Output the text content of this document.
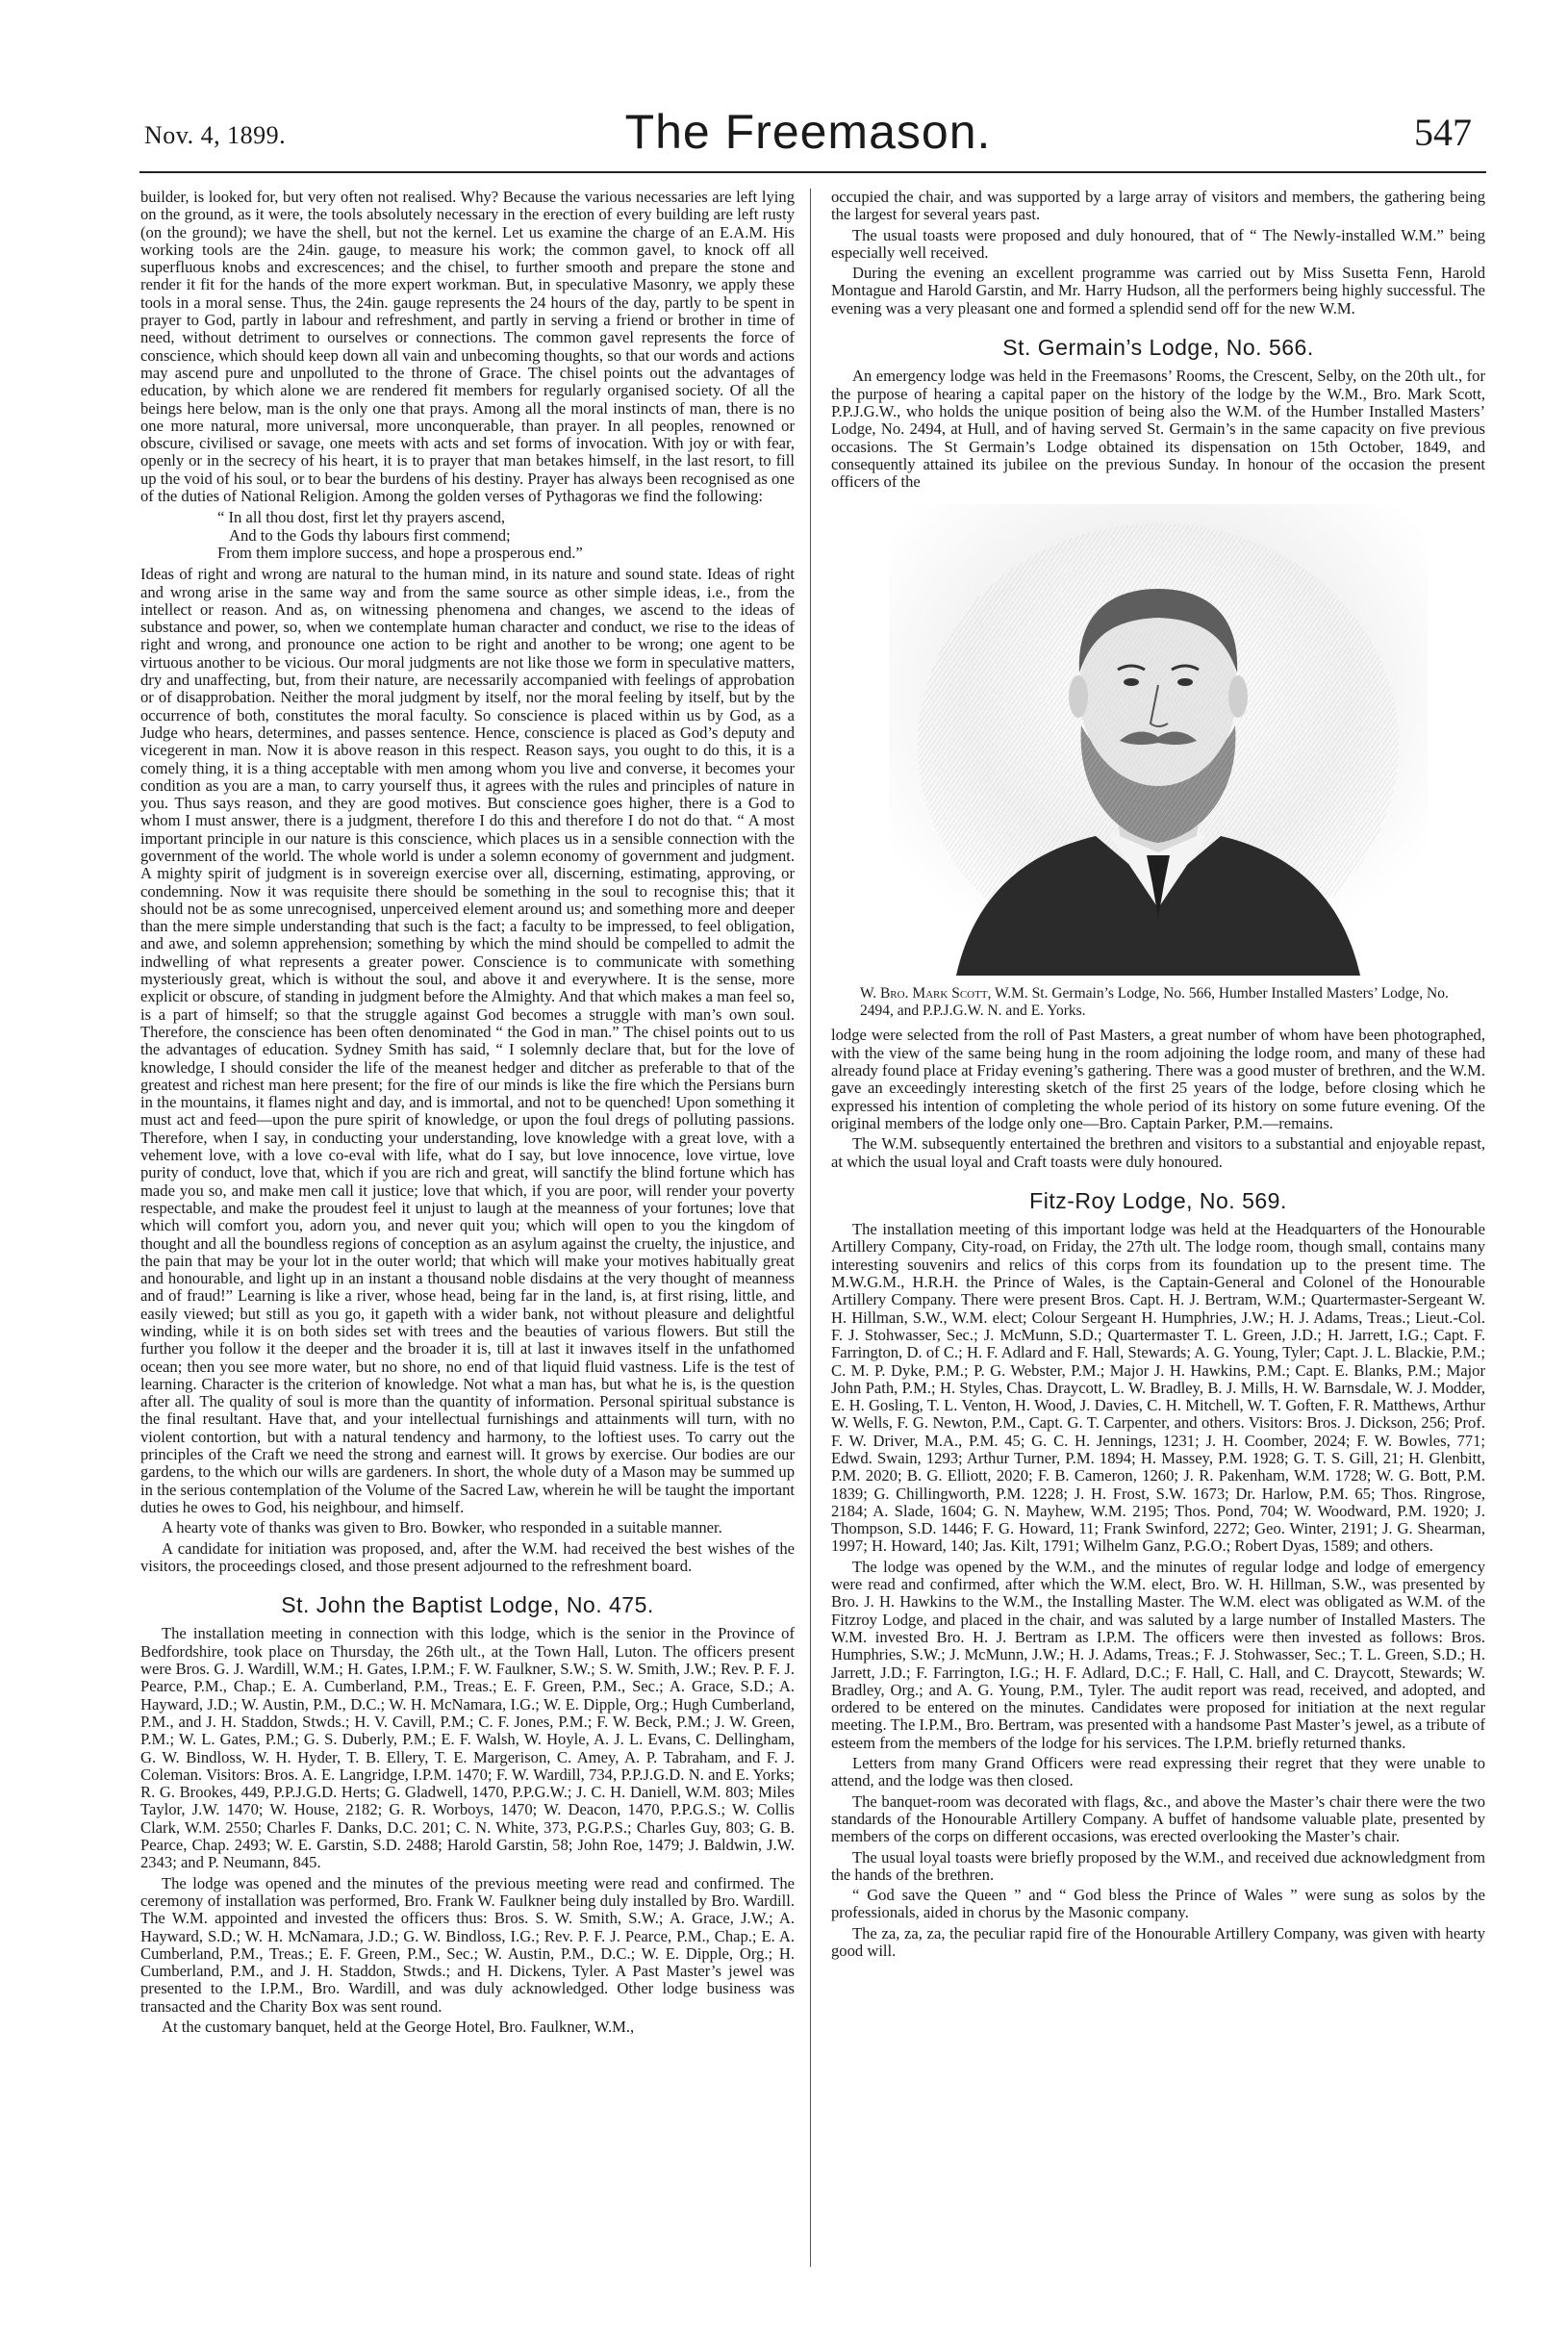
Nov. 4, 1899.	The Freemason.	547

builder, is looked for, but very often not realised. Why? Because the various necessaries are left lying on the ground, as it were, the tools absolutely necessary in the erection of every building are left rusty (on the ground); we have the shell, but not the kernel. Let us examine the charge of an E.A.M. His working tools are the 24in. gauge, to measure his work; the common gavel, to knock off all superfluous knobs and excrescences; and the chisel, to further smooth and prepare the stone and render it fit for the hands of the more expert workman. But, in speculative Masonry, we apply these tools in a moral sense. Thus, the 24in. gauge represents the 24 hours of the day, partly to be spent in prayer to God, partly in labour and refreshment, and partly in serving a friend or brother in time of need, without detriment to ourselves or connections. The common gavel represents the force of conscience, which should keep down all vain and unbecoming thoughts, so that our words and actions may ascend pure and unpolluted to the throne of Grace. The chisel points out the advantages of education, by which alone we are rendered fit members for regularly organised society. Of all the beings here below, man is the only one that prays. Among all the moral instincts of man, there is no one more natural, more universal, more unconquerable, than prayer. In all peoples, renowned or obscure, civilised or savage, one meets with acts and set forms of invocation. With joy or with fear, openly or in the secrecy of his heart, it is to prayer that man betakes himself, in the last resort, to fill up the void of his soul, or to bear the burdens of his destiny. Prayer has always been recognised as one of the duties of National Religion. Among the golden verses of Pythagoras we find the following:

“ In all thou dost, first let thy prayers ascend,
And to the Gods thy labours first commend;
From them implore success, and hope a prosperous end.”

Ideas of right and wrong are natural to the human mind, in its nature and sound state. Ideas of right and wrong arise in the same way and from the same source as other simple ideas, i.e., from the intellect or reason. And as, on witnessing phenomena and changes, we ascend to the ideas of substance and power, so, when we contemplate human character and conduct, we rise to the ideas of right and wrong, and pronounce one action to be right and another to be wrong; one agent to be virtuous another to be vicious. Our moral judgments are not like those we form in speculative matters, dry and unaffecting, but, from their nature, are necessarily accompanied with feelings of approbation or of disapprobation. Neither the moral judgment by itself, nor the moral feeling by itself, but by the occurrence of both, constitutes the moral faculty. So conscience is placed within us by God, as a Judge who hears, determines, and passes sentence. Hence, conscience is placed as God’s deputy and vicegerent in man. Now it is above reason in this respect. Reason says, you ought to do this, it is a comely thing, it is a thing acceptable with men among whom you live and converse, it becomes your condition as you are a man, to carry yourself thus, it agrees with the rules and principles of nature in you. Thus says reason, and they are good motives. But conscience goes higher, there is a God to whom I must answer, there is a judgment, therefore I do this and therefore I do not do that. “ A most important principle in our nature is this conscience, which places us in a sensible connection with the government of the world. The whole world is under a solemn economy of government and judgment. A mighty spirit of judgment is in sovereign exercise over all, discerning, estimating, approving, or condemning. Now it was requisite there should be something in the soul to recognise this; that it should not be as some unrecognised, unperceived element around us; and something more and deeper than the mere simple understanding that such is the fact; a faculty to be impressed, to feel obligation, and awe, and solemn apprehension; something by which the mind should be compelled to admit the indwelling of what represents a greater power. Conscience is to communicate with something mysteriously great, which is without the soul, and above it and everywhere. It is the sense, more explicit or obscure, of standing in judgment before the Almighty. And that which makes a man feel so, is a part of himself; so that the struggle against God becomes a struggle with man’s own soul. Therefore, the conscience has been often denominated “ the God in man.” The chisel points out to us the advantages of education. Sydney Smith has said, “ I solemnly declare that, but for the love of knowledge, I should consider the life of the meanest hedger and ditcher as preferable to that of the greatest and richest man here present; for the fire of our minds is like the fire which the Persians burn in the mountains, it flames night and day, and is immortal, and not to be quenched! Upon something it must act and feed—upon the pure spirit of knowledge, or upon the foul dregs of polluting passions. Therefore, when I say, in conducting your understanding, love knowledge with a great love, with a vehement love, with a love co-eval with life, what do I say, but love innocence, love virtue, love purity of conduct, love that, which if you are rich and great, will sanctify the blind fortune which has made you so, and make men call it justice; love that which, if you are poor, will render your poverty respectable, and make the proudest feel it unjust to laugh at the meanness of your fortunes; love that which will comfort you, adorn you, and never quit you; which will open to you the kingdom of thought and all the boundless regions of conception as an asylum against the cruelty, the injustice, and the pain that may be your lot in the outer world; that which will make your motives habitually great and honourable, and light up in an instant a thousand noble disdains at the very thought of meanness and of fraud!” Learning is like a river, whose head, being far in the land, is, at first rising, little, and easily viewed; but still as you go, it gapeth with a wider bank, not without pleasure and delightful winding, while it is on both sides set with trees and the beauties of various flowers. But still the further you follow it the deeper and the broader it is, till at last it inwaves itself in the unfathomed ocean; then you see more water, but no shore, no end of that liquid fluid vastness. Life is the test of learning. Character is the criterion of knowledge. Not what a man has, but what he is, is the question after all. The quality of soul is more than the quantity of information. Personal spiritual substance is the final resultant. Have that, and your intellectual furnishings and attainments will turn, with no violent contortion, but with a natural tendency and harmony, to the loftiest uses. To carry out the principles of the Craft we need the strong and earnest will. It grows by exercise. Our bodies are our gardens, to the which our wills are gardeners. In short, the whole duty of a Mason may be summed up in the serious contemplation of the Volume of the Sacred Law, wherein he will be taught the important duties he owes to God, his neighbour, and himself.

A hearty vote of thanks was given to Bro. Bowker, who responded in a suitable manner.

A candidate for initiation was proposed, and, after the W.M. had received the best wishes of the visitors, the proceedings closed, and those present adjourned to the refreshment board.

St. John the Baptist Lodge, No. 475.

The installation meeting in connection with this lodge, which is the senior in the Province of Bedfordshire, took place on Thursday, the 26th ult., at the Town Hall, Luton. The officers present were Bros. G. J. Wardill, W.M.; H. Gates, I.P.M.; F. W. Faulkner, S.W.; S. W. Smith, J.W.; Rev. P. F. J. Pearce, P.M., Chap.; E. A. Cumberland, P.M., Treas.; E. F. Green, P.M., Sec.; A. Grace, S.D.; A. Hayward, J.D.; W. Austin, P.M., D.C.; W. H. McNamara, I.G.; W. E. Dipple, Org.; Hugh Cumberland, P.M., and J. H. Staddon, Stwds.; H. V. Cavill, P.M.; C. F. Jones, P.M.; F. W. Beck, P.M.; J. W. Green, P.M.; W. L. Gates, P.M.; G. S. Duberly, P.M.; E. F. Walsh, W. Hoyle, A. J. L. Evans, C. Dellingham, G. W. Bindloss, W. H. Hyder, T. B. Ellery, T. E. Margerison, C. Amey, A. P. Tabraham, and F. J. Coleman. Visitors: Bros. A. E. Langridge, I.P.M. 1470; F. W. Wardill, 734, P.P.J.G.D. N. and E. Yorks; R. G. Brookes, 449, P.P.J.G.D. Herts; G. Gladwell, 1470, P.P.G.W.; J. C. H. Daniell, W.M. 803; Miles Taylor, J.W. 1470; W. House, 2182; G. R. Worboys, 1470; W. Deacon, 1470, P.P.G.S.; W. Collis Clark, W.M. 2550; Charles F. Danks, D.C. 201; C. N. White, 373, P.G.P.S.; Charles Guy, 803; G. B. Pearce, Chap. 2493; W. E. Garstin, S.D. 2488; Harold Garstin, 58; John Roe, 1479; J. Baldwin, J.W. 2343; and P. Neumann, 845.

The lodge was opened and the minutes of the previous meeting were read and confirmed. The ceremony of installation was performed, Bro. Frank W. Faulkner being duly installed by Bro. Wardill. The W.M. appointed and invested the officers thus: Bros. S. W. Smith, S.W.; A. Grace, J.W.; A. Hayward, S.D.; W. H. McNamara, J.D.; G. W. Bindloss, I.G.; Rev. P. F. J. Pearce, P.M., Chap.; E. A. Cumberland, P.M., Treas.; E. F. Green, P.M., Sec.; W. Austin, P.M., D.C.; W. E. Dipple, Org.; H. Cumberland, P.M., and J. H. Staddon, Stwds.; and H. Dickens, Tyler. A Past Master’s jewel was presented to the I.P.M., Bro. Wardill, and was duly acknowledged. Other lodge business was transacted and the Charity Box was sent round.

At the customary banquet, held at the George Hotel, Bro. Faulkner, W.M.,

occupied the chair, and was supported by a large array of visitors and members, the gathering being the largest for several years past.

The usual toasts were proposed and duly honoured, that of “ The Newly-installed W.M.” being especially well received.

During the evening an excellent programme was carried out by Miss Susetta Fenn, Harold Montague and Harold Garstin, and Mr. Harry Hudson, all the performers being highly successful. The evening was a very pleasant one and formed a splendid send off for the new W.M.

St. Germain’s Lodge, No. 566.

An emergency lodge was held in the Freemasons’ Rooms, the Crescent, Selby, on the 20th ult., for the purpose of hearing a capital paper on the history of the lodge by the W.M., Bro. Mark Scott, P.P.J.G.W., who holds the unique position of being also the W.M. of the Humber Installed Masters’ Lodge, No. 2494, at Hull, and of having served St. Germain’s in the same capacity on five previous occasions. The St Germain’s Lodge obtained its dispensation on 15th October, 1849, and consequently attained its jubilee on the previous Sunday. In honour of the occasion the present officers of the

W. Bro. Mark Scott, W.M. St. Germain’s Lodge, No. 566, Humber Installed Masters’ Lodge, No. 2494, and P.P.J.G.W. N. and E. Yorks.

lodge were selected from the roll of Past Masters, a great number of whom have been photographed, with the view of the same being hung in the room adjoining the lodge room, and many of these had already found place at Friday evening’s gathering. There was a good muster of brethren, and the W.M. gave an exceedingly interesting sketch of the first 25 years of the lodge, before closing which he expressed his intention of completing the whole period of its history on some future evening. Of the original members of the lodge only one—Bro. Captain Parker, P.M.—remains.

The W.M. subsequently entertained the brethren and visitors to a substantial and enjoyable repast, at which the usual loyal and Craft toasts were duly honoured.

Fitz-Roy Lodge, No. 569.

The installation meeting of this important lodge was held at the Headquarters of the Honourable Artillery Company, City-road, on Friday, the 27th ult. The lodge room, though small, contains many interesting souvenirs and relics of this corps from its foundation up to the present time. The M.W.G.M., H.R.H. the Prince of Wales, is the Captain-General and Colonel of the Honourable Artillery Company. There were present Bros. Capt. H. J. Bertram, W.M.; Quartermaster-Sergeant W. H. Hillman, S.W., W.M. elect; Colour Sergeant H. Humphries, J.W.; H. J. Adams, Treas.; Lieut.-Col. F. J. Stohwasser, Sec.; J. McMunn, S.D.; Quartermaster T. L. Green, J.D.; H. Jarrett, I.G.; Capt. F. Farrington, D. of C.; H. F. Adlard and F. Hall, Stewards; A. G. Young, Tyler; Capt. J. L. Blackie, P.M.; C. M. P. Dyke, P.M.; P. G. Webster, P.M.; Major J. H. Hawkins, P.M.; Capt. E. Blanks, P.M.; Major John Path, P.M.; H. Styles, Chas. Draycott, L. W. Bradley, B. J. Mills, H. W. Barnsdale, W. J. Modder, E. H. Gosling, T. L. Venton, H. Wood, J. Davies, C. H. Mitchell, W. T. Goften, F. R. Matthews, Arthur W. Wells, F. G. Newton, P.M., Capt. G. T. Carpenter, and others. Visitors: Bros. J. Dickson, 256; Prof. F. W. Driver, M.A., P.M. 45; G. C. H. Jennings, 1231; J. H. Coomber, 2024; F. W. Bowles, 771; Edwd. Swain, 1293; Arthur Turner, P.M. 1894; H. Massey, P.M. 1928; G. T. S. Gill, 21; H. Glenbitt, P.M. 2020; B. G. Elliott, 2020; F. B. Cameron, 1260; J. R. Pakenham, W.M. 1728; W. G. Bott, P.M. 1839; G. Chillingworth, P.M. 1228; J. H. Frost, S.W. 1673; Dr. Harlow, P.M. 65; Thos. Ringrose, 2184; A. Slade, 1604; G. N. Mayhew, W.M. 2195; Thos. Pond, 704; W. Woodward, P.M. 1920; J. Thompson, S.D. 1446; F. G. Howard, 11; Frank Swinford, 2272; Geo. Winter, 2191; J. G. Shearman, 1997; H. Howard, 140; Jas. Kilt, 1791; Wilhelm Ganz, P.G.O.; Robert Dyas, 1589; and others.

The lodge was opened by the W.M., and the minutes of regular lodge and lodge of emergency were read and confirmed, after which the W.M. elect, Bro. W. H. Hillman, S.W., was presented by Bro. J. H. Hawkins to the W.M., the Installing Master. The W.M. elect was obligated as W.M. of the Fitzroy Lodge, and placed in the chair, and was saluted by a large number of Installed Masters. The W.M. invested Bro. H. J. Bertram as I.P.M. The officers were then invested as follows: Bros. Humphries, S.W.; J. McMunn, J.W.; H. J. Adams, Treas.; F. J. Stohwasser, Sec.; T. L. Green, S.D.; H. Jarrett, J.D.; F. Farrington, I.G.; H. F. Adlard, D.C.; F. Hall, C. Hall, and C. Draycott, Stewards; W. Bradley, Org.; and A. G. Young, P.M., Tyler. The audit report was read, received, and adopted, and ordered to be entered on the minutes. Candidates were proposed for initiation at the next regular meeting. The I.P.M., Bro. Bertram, was presented with a handsome Past Master’s jewel, as a tribute of esteem from the members of the lodge for his services. The I.P.M. briefly returned thanks.

Letters from many Grand Officers were read expressing their regret that they were unable to attend, and the lodge was then closed.

The banquet-room was decorated with flags, &c., and above the Master’s chair there were the two standards of the Honourable Artillery Company. A buffet of handsome valuable plate, presented by members of the corps on different occasions, was erected overlooking the Master’s chair.

The usual loyal toasts were briefly proposed by the W.M., and received due acknowledgment from the hands of the brethren.

“ God save the Queen ” and “ God bless the Prince of Wales ” were sung as solos by the professionals, aided in chorus by the Masonic company.

The za, za, za, the peculiar rapid fire of the Honourable Artillery Company, was given with hearty good will.
